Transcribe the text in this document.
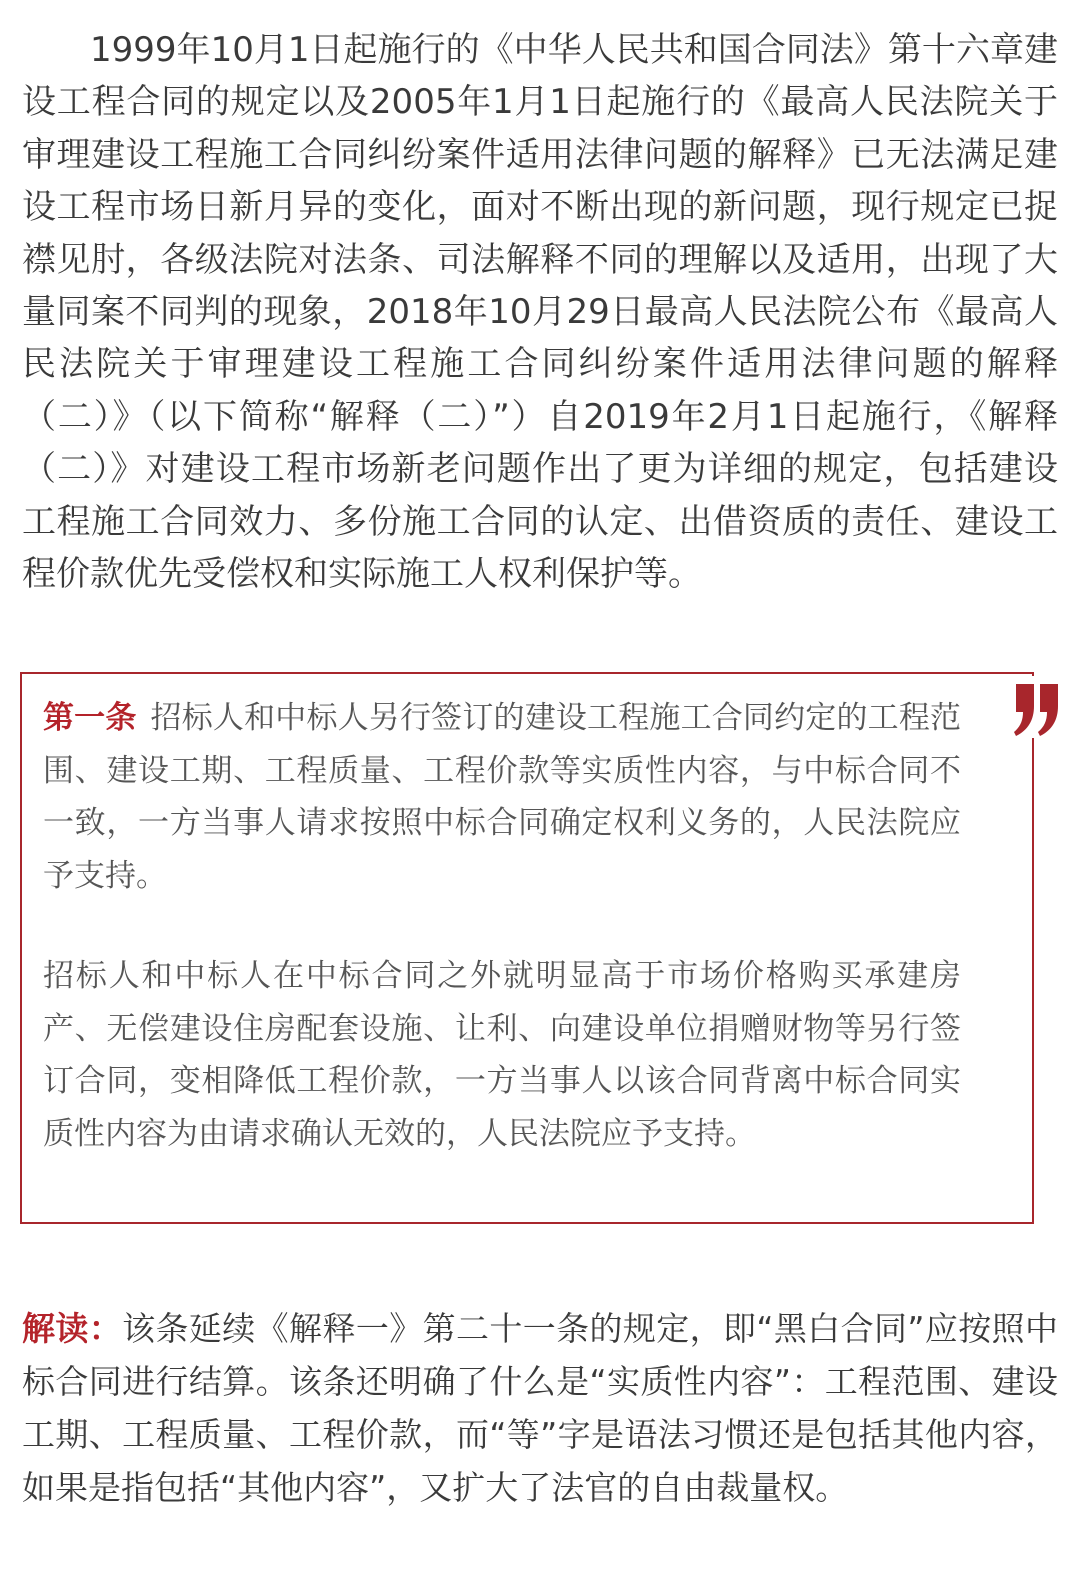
1999年10月1日起施行的《中华人民共和国合同法》第十六章建设工程合同的规定以及2005年1月1日起施行的《最高人民法院关于审理建设工程施工合同纠纷案件适用法律问题的解释》已无法满足建设工程市场日新月异的变化，面对不断出现的新问题，现行规定已捉襟见肘，各级法院对法条、司法解释不同的理解以及适用，出现了大量同案不同判的现象，2018年10月29日最高人民法院公布《最高人民法院关于审理建设工程施工合同纠纷案件适用法律问题的解释（二）》（以下简称“解释（二）”）自2019年2月1日起施行，《解释（二）》对建设工程市场新老问题作出了更为详细的规定，包括建设工程施工合同效力、多份施工合同的认定、出借资质的责任、建设工程价款优先受偿权和实际施工人权利保护等。

第一条 招标人和中标人另行签订的建设工程施工合同约定的工程范围、建设工期、工程质量、工程价款等实质性内容，与中标合同不一致，一方当事人请求按照中标合同确定权利义务的，人民法院应予支持。

招标人和中标人在中标合同之外就明显高于市场价格购买承建房产、无偿建设住房配套设施、让利、向建设单位捐赠财物等另行签订合同，变相降低工程价款，一方当事人以该合同背离中标合同实质性内容为由请求确认无效的，人民法院应予支持。

解读：该条延续《解释一》第二十一条的规定，即“黑白合同”应按照中标合同进行结算。该条还明确了什么是“实质性内容”：工程范围、建设工期、工程质量、工程价款，而“等”字是语法习惯还是包括其他内容，如果是指包括“其他内容”，又扩大了法官的自由裁量权。
